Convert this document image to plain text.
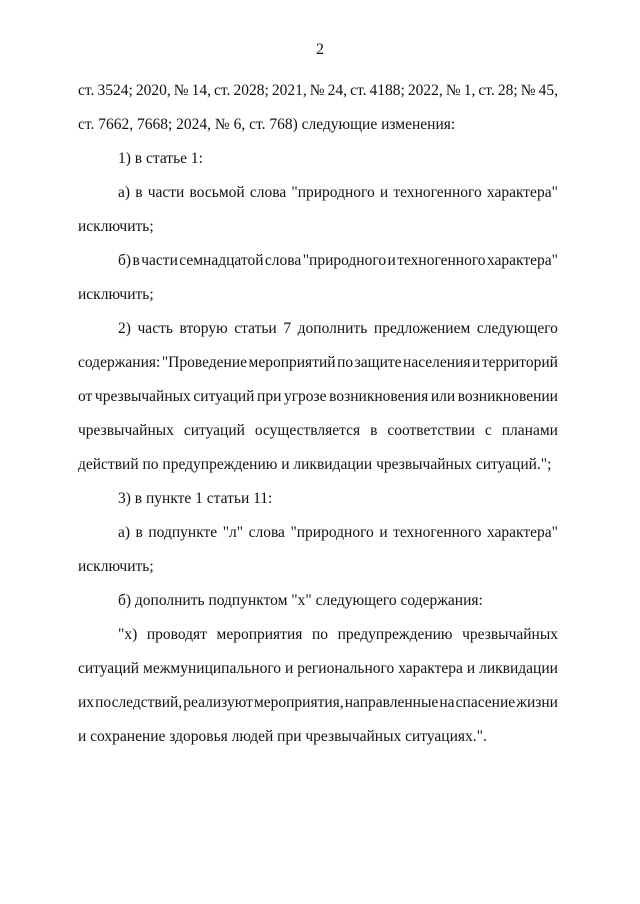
2
ст. 3524; 2020, № 14, ст. 2028; 2021, № 24, ст. 4188; 2022, № 1, ст. 28; № 45,
ст. 7662, 7668; 2024, № 6, ст. 768) следующие изменения:
1) в статье 1:
а) в части восьмой слова "природного и техногенного характера"
исключить;
б) в части семнадцатой слова "природного и техногенного характера"
исключить;
2) часть вторую статьи 7 дополнить предложением следующего
содержания: "Проведение мероприятий по защите населения и территорий
от чрезвычайных ситуаций при угрозе возникновения или возникновении
чрезвычайных ситуаций осуществляется в соответствии с планами
действий по предупреждению и ликвидации чрезвычайных ситуаций.";
3) в пункте 1 статьи 11:
а) в подпункте "л" слова "природного и техногенного характера"
исключить;
б) дополнить подпунктом "х" следующего содержания:
"х) проводят мероприятия по предупреждению чрезвычайных
ситуаций межмуниципального и регионального характера и ликвидации
их последствий, реализуют мероприятия, направленные на спасение жизни
и сохранение здоровья людей при чрезвычайных ситуациях.".
